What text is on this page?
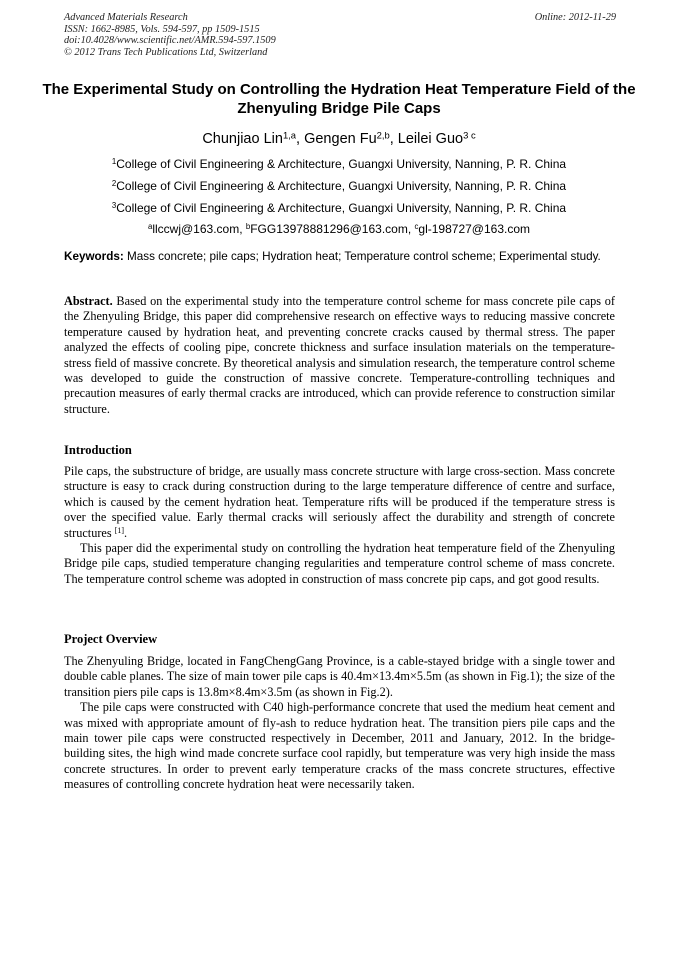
Advanced Materials Research
ISSN: 1662-8985, Vols. 594-597, pp 1509-1515
doi:10.4028/www.scientific.net/AMR.594-597.1509
© 2012 Trans Tech Publications Ltd, Switzerland
Online: 2012-11-29
The Experimental Study on Controlling the Hydration Heat Temperature Field of the Zhenyuling Bridge Pile Caps
Chunjiao Lin$^{1,a}$, Gengen Fu$^{2,b}$, Leilei Guo$^{3 c}$
$^1$College of Civil Engineering & Architecture, Guangxi University, Nanning, P. R. China
$^2$College of Civil Engineering & Architecture, Guangxi University, Nanning, P. R. China
$^3$College of Civil Engineering & Architecture, Guangxi University, Nanning, P. R. China
$^a$llccwj@163.com, $^b$FGG13978881296@163.com, $^c$gl-198727@163.com
Keywords: Mass concrete; pile caps; Hydration heat; Temperature control scheme; Experimental study.

Abstract. Based on the experimental study into the temperature control scheme for mass concrete pile caps of the Zhenyuling Bridge, this paper did comprehensive research on effective ways to reducing massive concrete temperature caused by hydration heat, and preventing concrete cracks caused by thermal stress. The paper analyzed the effects of cooling pipe, concrete thickness and surface insulation materials on the temperature-stress field of massive concrete. By theoretical analysis and simulation research, the temperature control scheme was developed to guide the construction of massive concrete. Temperature-controlling techniques and precaution measures of early thermal cracks are introduced, which can provide reference to construction similar structure.

Introduction

Pile caps, the substructure of bridge, are usually mass concrete structure with large cross-section. Mass concrete structure is easy to crack during construction during to the large temperature difference of centre and surface, which is caused by the cement hydration heat. Temperature rifts will be produced if the temperature stress is over the specified value. Early thermal cracks will seriously affect the durability and strength of concrete structures [1].

This paper did the experimental study on controlling the hydration heat temperature field of the Zhenyuling Bridge pile caps, studied temperature changing regularities and temperature control scheme of mass concrete. The temperature control scheme was adopted in construction of mass concrete pip caps, and got good results.

Project Overview

The Zhenyuling Bridge, located in FangChengGang Province, is a cable-stayed bridge with a single tower and double cable planes. The size of main tower pile caps is 40.4m×13.4m×5.5m (as shown in Fig.1); the size of the transition piers pile caps is 13.8m×8.4m×3.5m (as shown in Fig.2).

The pile caps were constructed with C40 high-performance concrete that used the medium heat cement and was mixed with appropriate amount of fly-ash to reduce hydration heat. The transition piers pile caps and the main tower pile caps were constructed respectively in December, 2011 and January, 2012. In the bridge-building sites, the high wind made concrete surface cool rapidly, but temperature was very high inside the mass concrete structures. In order to prevent early temperature cracks of the mass concrete structures, effective measures of controlling concrete hydration heat were necessarily taken.
